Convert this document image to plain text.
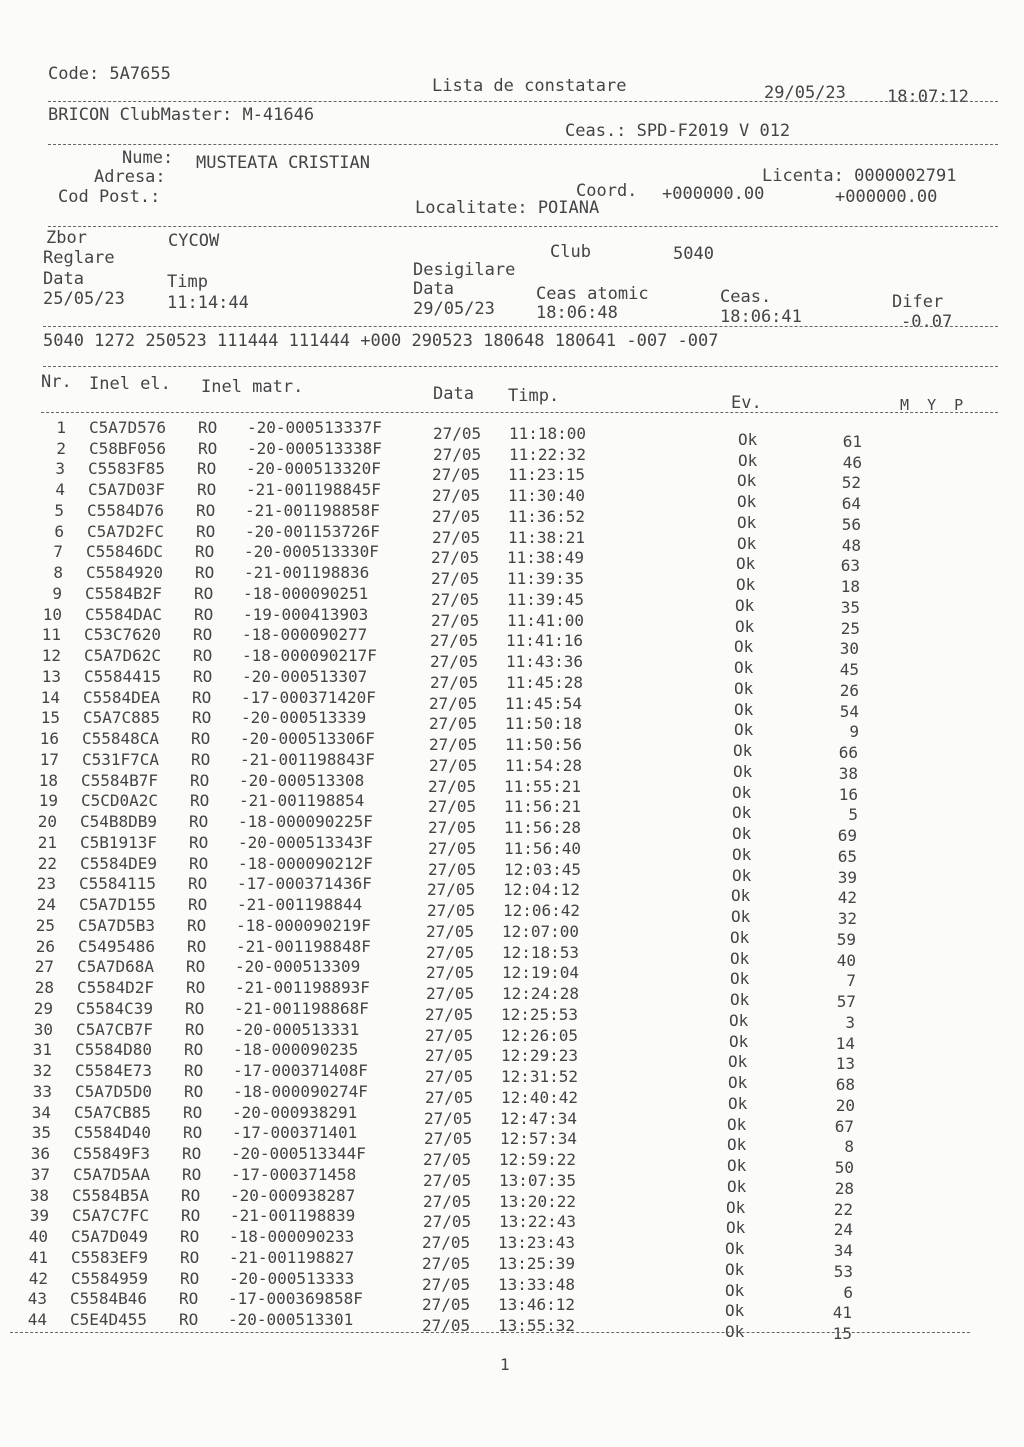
Code: 5A7655
Lista de constatare	29/05/23 18:07:12
BRICON ClubMaster: M-41646
Ceas.: SPD-F2019 V 012
Nume: MUSTEATA CRISTIAN
Adresa:	Licenta: 0000002791
Cod Post.:	Coord. +000000.00	+000000.00
Localitate: POIANA
Zbor	CYCOW
Reglare	Club	5040
Desigilare
Data	Timp	Data	Ceas atomic	Ceas.	Difer
25/05/23 11:14:44	29/05/23 18:06:48	18:06:41	-0.07
5040 1272 250523 111444 111444 +000 290523 180648 180641 -007 -007
Nr. Inel el. Inel matr.	Data Timp.	Ev.	M  Y  P
1 C5A7D576 RO -20-000513337F	27/05 11:18:00	Ok	61
2 C58BF056 RO -20-000513338F	27/05 11:22:32	Ok	46
3 C5583F85 RO -20-000513320F	27/05 11:23:15	Ok	52
4 C5A7D03F RO -21-001198845F	27/05 11:30:40	Ok	64
5 C5584D76 RO -21-001198858F	27/05 11:36:52	Ok	56
6 C5A7D2FC RO -20-001153726F	27/05 11:38:21	Ok	48
7 C55846DC RO -20-000513330F	27/05 11:38:49	Ok	63
8 C5584920 RO -21-001198836	27/05 11:39:35	Ok	18
9 C5584B2F RO -18-000090251	27/05 11:39:45	Ok	35
10 C5584DAC RO -19-000413903	27/05 11:41:00	Ok	25
11 C53C7620 RO -18-000090277	27/05 11:41:16	Ok	30
12 C5A7D62C RO -18-000090217F	27/05 11:43:36	Ok	45
13 C5584415 RO -20-000513307	27/05 11:45:28	Ok	26
14 C5584DEA RO -17-000371420F	27/05 11:45:54	Ok	54
15 C5A7C885 RO -20-000513339	27/05 11:50:18	Ok	9
16 C55848CA RO -20-000513306F	27/05 11:50:56	Ok	66
17 C531F7CA RO -21-001198843F	27/05 11:54:28	Ok	38
18 C5584B7F RO -20-000513308	27/05 11:55:21	Ok	16
19 C5CD0A2C RO -21-001198854	27/05 11:56:21	Ok	5
20 C54B8DB9 RO -18-000090225F	27/05 11:56:28	Ok	69
21 C5B1913F RO -20-000513343F	27/05 11:56:40	Ok	65
22 C5584DE9 RO -18-000090212F	27/05 12:03:45	Ok	39
23 C5584115 RO -17-000371436F	27/05 12:04:12	Ok	42
24 C5A7D155 RO -21-001198844	27/05 12:06:42	Ok	32
25 C5A7D5B3 RO -18-000090219F	27/05 12:07:00	Ok	59
26 C5495486 RO -21-001198848F	27/05 12:18:53	Ok	40
27 C5A7D68A RO -20-000513309	27/05 12:19:04	Ok	7
28 C5584D2F RO -21-001198893F	27/05 12:24:28	Ok	57
29 C5584C39 RO -21-001198868F	27/05 12:25:53	Ok	3
30 C5A7CB7F RO -20-000513331	27/05 12:26:05	Ok	14
31 C5584D80 RO -18-000090235	27/05 12:29:23	Ok	13
32 C5584E73 RO -17-000371408F	27/05 12:31:52	Ok	68
33 C5A7D5D0 RO -18-000090274F	27/05 12:40:42	Ok	20
34 C5A7CB85 RO -20-000938291	27/05 12:47:34	Ok	67
35 C5584D40 RO -17-000371401	27/05 12:57:34	Ok	8
36 C55849F3 RO -20-000513344F	27/05 12:59:22	Ok	50
37 C5A7D5AA RO -17-000371458	27/05 13:07:35	Ok	28
38 C5584B5A RO -20-000938287	27/05 13:20:22	Ok	22
39 C5A7C7FC RO -21-001198839	27/05 13:22:43	Ok	24
40 C5A7D049 RO -18-000090233	27/05 13:23:43	Ok	34
41 C5583EF9 RO -21-001198827	27/05 13:25:39	Ok	53
42 C5584959 RO -20-000513333	27/05 13:33:48	Ok	6
43 C5584B46 RO -17-000369858F	27/05 13:46:12	Ok	41
44 C5E4D455 RO -20-000513301	27/05 13:55:32	Ok	15
1
